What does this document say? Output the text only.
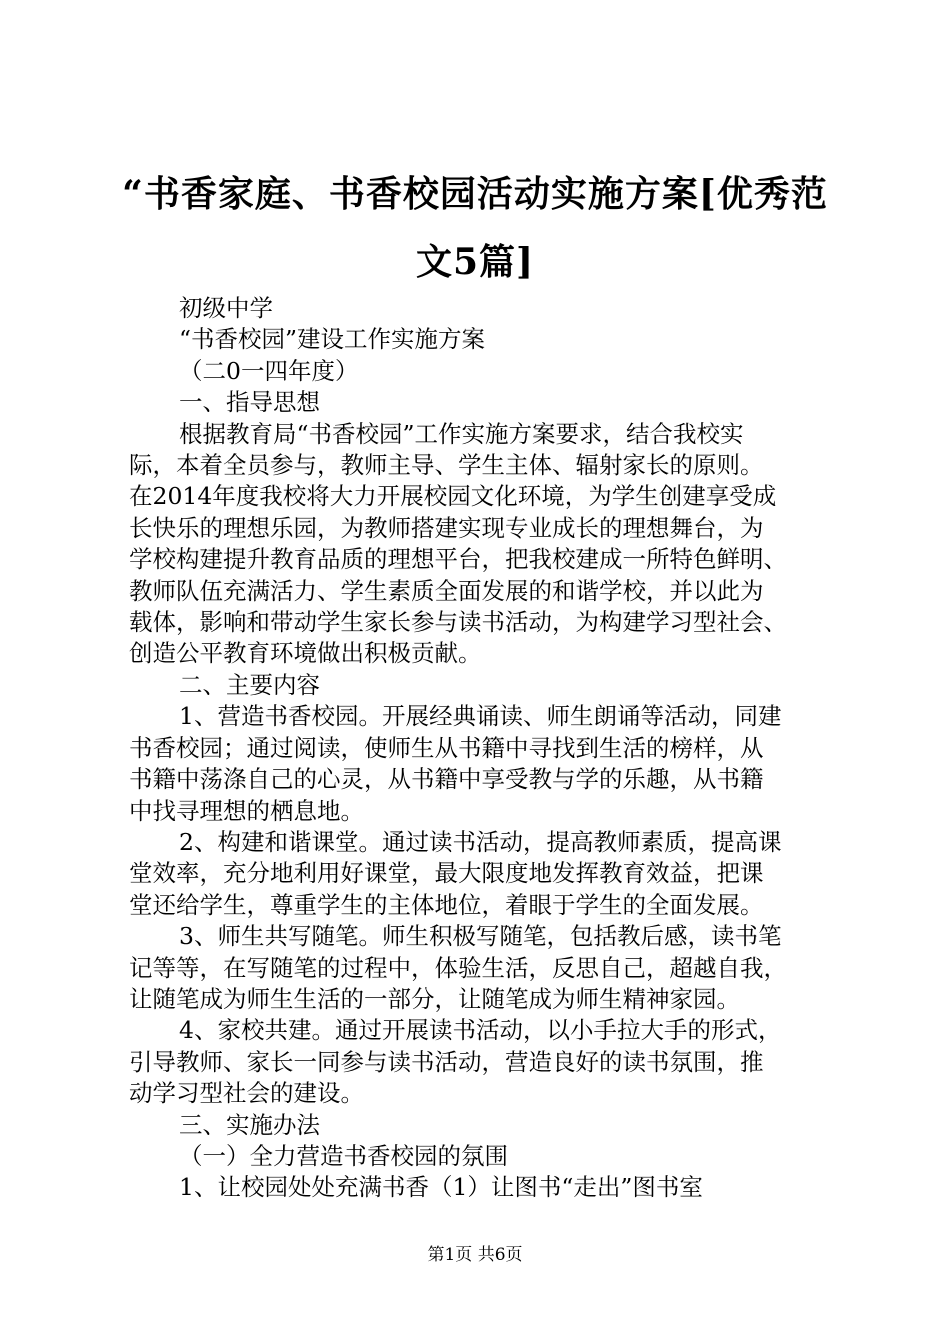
“书香家庭、书香校园活动实施方案[优秀范
文5篇]

初级中学

“书香校园”建设工作实施方案

（二0一四年度）

一、指导思想

根据教育局“书香校园”工作实施方案要求，结合我校实

际，本着全员参与，教师主导、学生主体、辐射家长的原则。

在2014年度我校将大力开展校园文化环境，为学生创建享受成

长快乐的理想乐园，为教师搭建实现专业成长的理想舞台，为

学校构建提升教育品质的理想平台，把我校建成一所特色鲜明、

教师队伍充满活力、学生素质全面发展的和谐学校，并以此为

载体，影响和带动学生家长参与读书活动，为构建学习型社会、

创造公平教育环境做出积极贡献。

二、主要内容

1、营造书香校园。开展经典诵读、师生朗诵等活动，同建

书香校园；通过阅读，使师生从书籍中寻找到生活的榜样，从

书籍中荡涤自己的心灵，从书籍中享受教与学的乐趣，从书籍

中找寻理想的栖息地。

2、构建和谐课堂。通过读书活动，提高教师素质，提高课

堂效率，充分地利用好课堂，最大限度地发挥教育效益，把课

堂还给学生，尊重学生的主体地位，着眼于学生的全面发展。

3、师生共写随笔。师生积极写随笔，包括教后感，读书笔

记等等，在写随笔的过程中，体验生活，反思自己，超越自我，

让随笔成为师生生活的一部分，让随笔成为师生精神家园。

4、家校共建。通过开展读书活动，以小手拉大手的形式，

引导教师、家长一同参与读书活动，营造良好的读书氛围，推

动学习型社会的建设。

三、实施办法

（一）全力营造书香校园的氛围

1、让校园处处充满书香（1）让图书“走出”图书室

第1页 共6页
